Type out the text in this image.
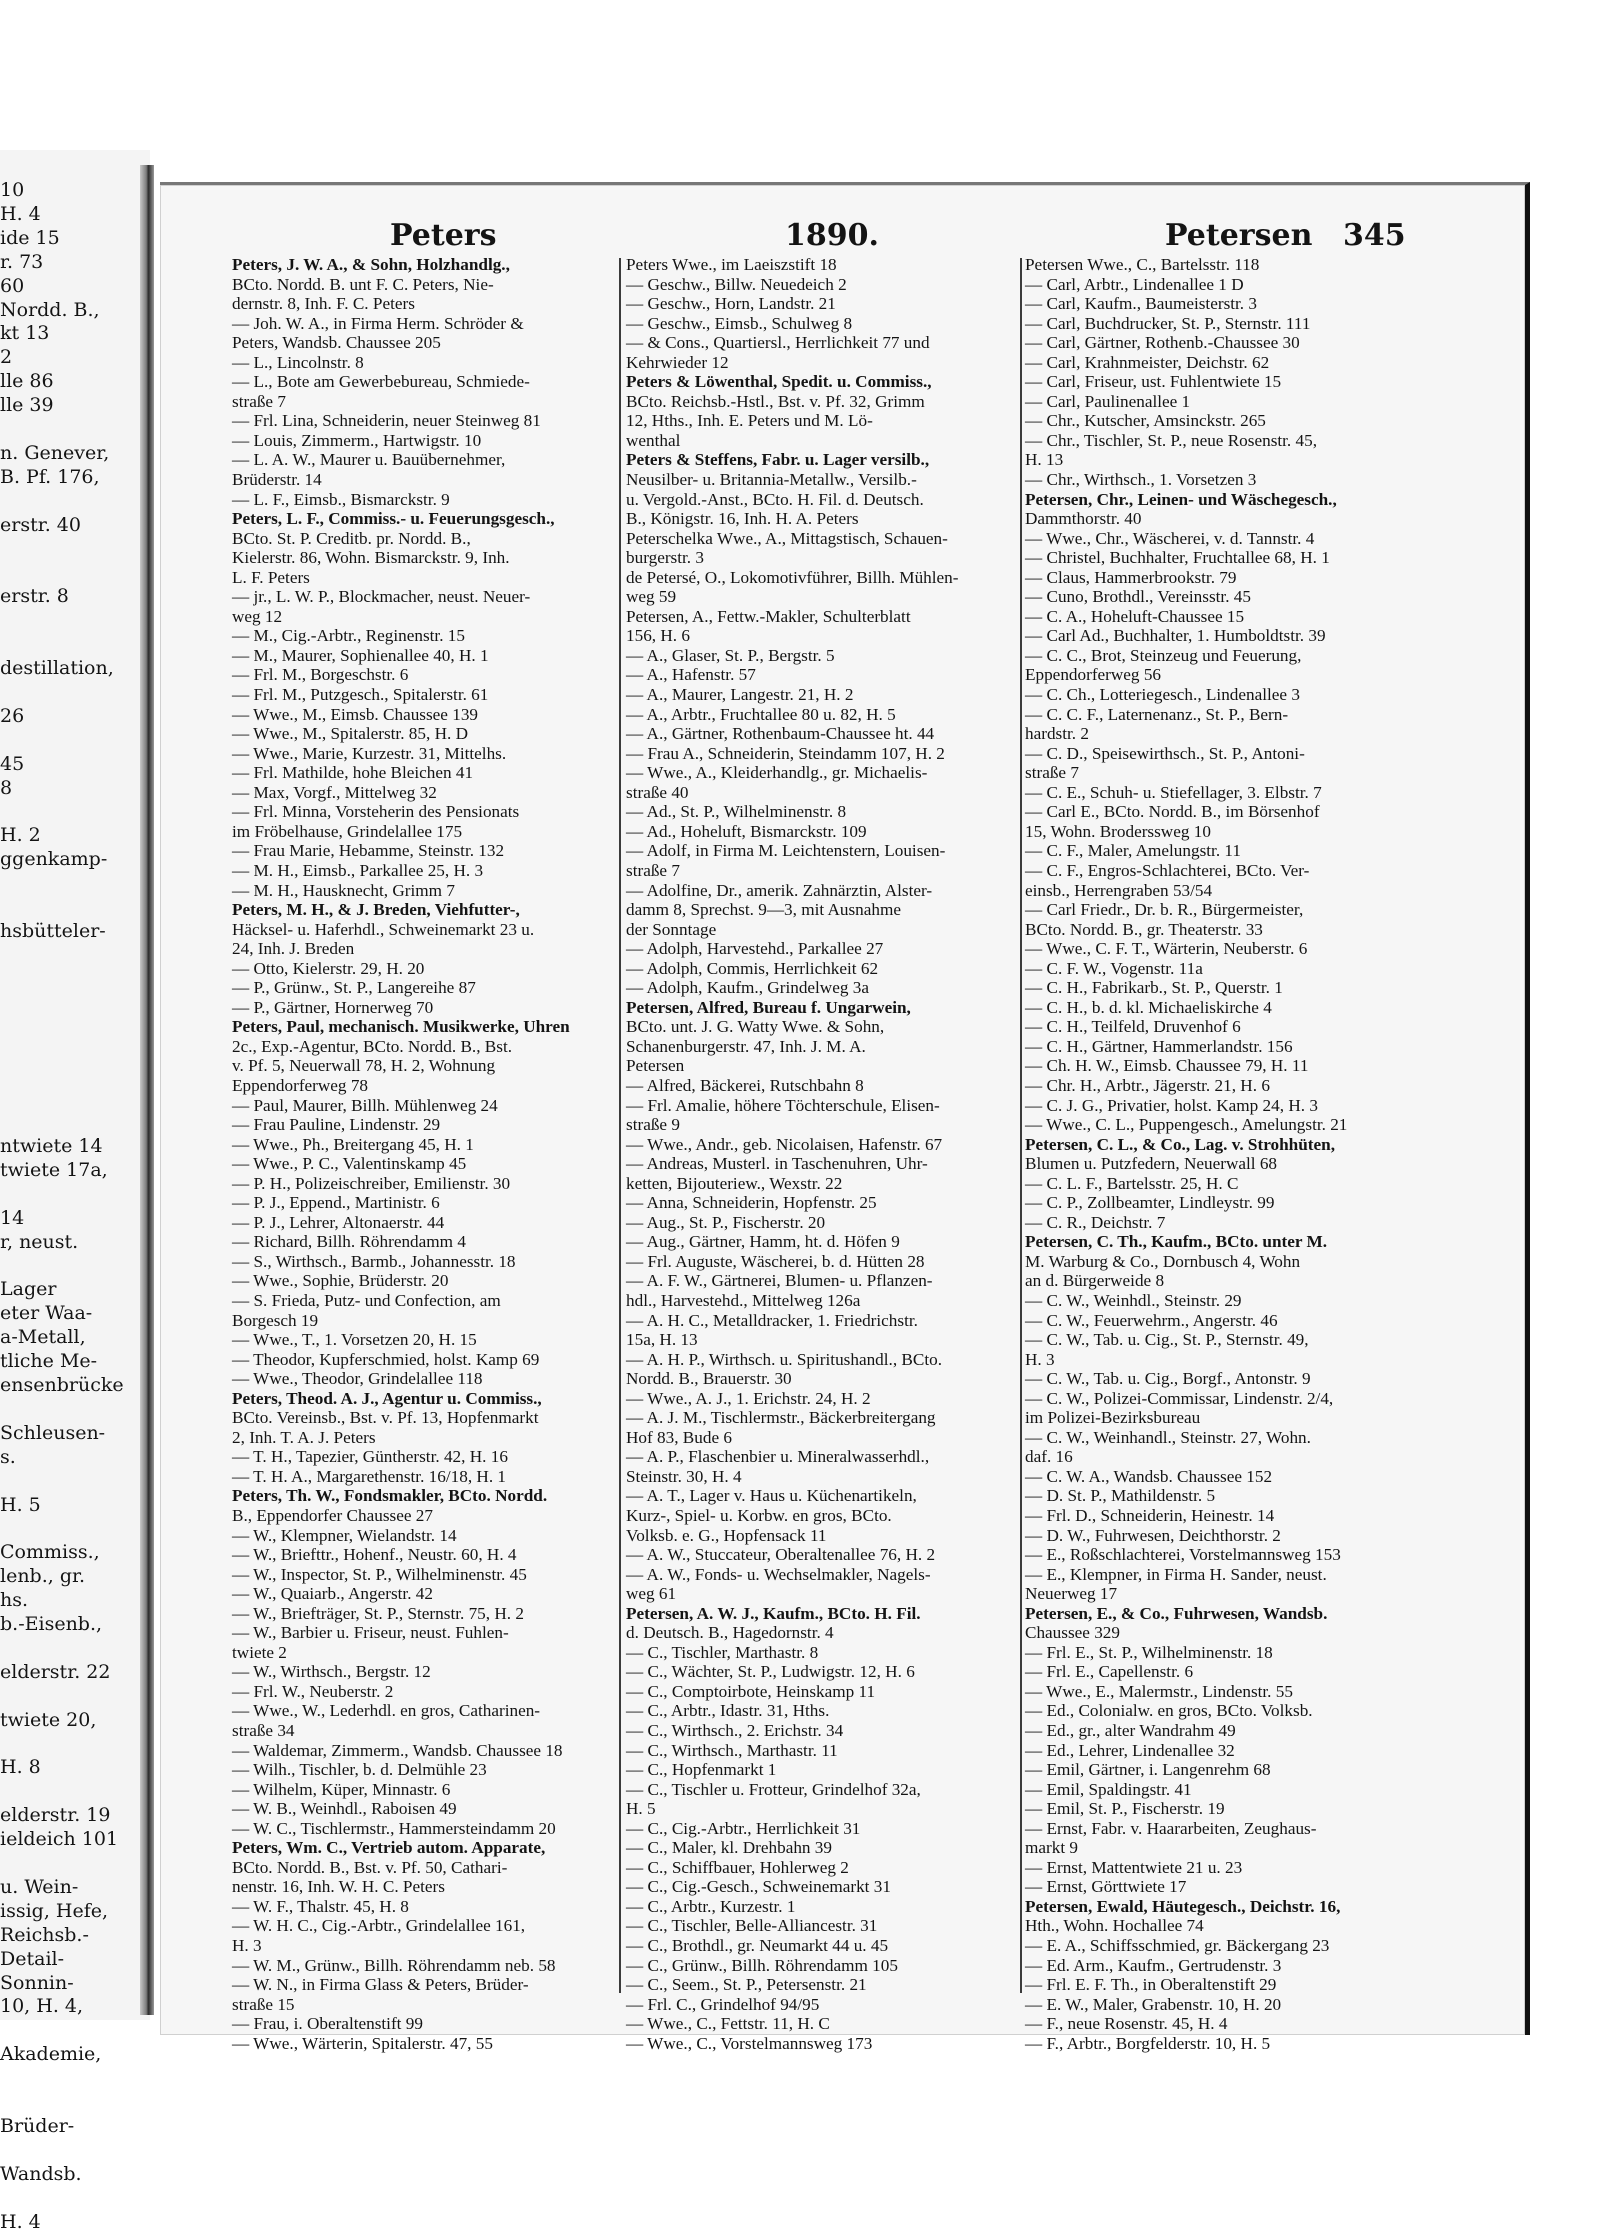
10
H. 4
ide 15
r. 73
60
Nordd. B.,
kt 13
2
lle 86
lle 39
n. Genever,
B. Pf. 176,
erstr. 40
erstr. 8
destillation,
26
45
8
H. 2
ggenkamp-
hsbütteler-
ntwiete 14
twiete 17a,
14
r, neust.
Lager
eter Waa-
a-Metall,
tliche Me-
ensenbrücke
Schleusen-
s.
H. 5
Commiss.,
lenb., gr.
hs.
b.-Eisenb.,
elderstr. 22
twiete 20,
H. 8
elderstr. 19
ieldeich 101
u. Wein-
issig, Hefe,
Reichsb.-
Detail-
Sonnin-
10, H. 4,
Akademie,
Brüder-
Wandsb.
H. 4
Peters	1890.	Petersen 345
Peters, J. W. A., & Sohn, Holzhandlg.,
BCto. Nordd. B. unt F. C. Peters, Nie-
dernstr. 8, Inh. F. C. Peters
— Joh. W. A., in Firma Herm. Schröder &
Peters, Wandsb. Chaussee 205
— L., Lincolnstr. 8
— L., Bote am Gewerbebureau, Schmiede-
straße 7
— Frl. Lina, Schneiderin, neuer Steinweg 81
— Louis, Zimmerm., Hartwigstr. 10
— L. A. W., Maurer u. Bauübernehmer,
Brüderstr. 14
— L. F., Eimsb., Bismarckstr. 9
Peters, L. F., Commiss.- u. Feuerungsgesch.,
BCto. St. P. Creditb. pr. Nordd. B.,
Kielerstr. 86, Wohn. Bismarckstr. 9, Inh.
L. F. Peters
— jr., L. W. P., Blockmacher, neust. Neuer-
weg 12
— M., Cig.-Arbtr., Reginenstr. 15
— M., Maurer, Sophienallee 40, H. 1
— Frl. M., Borgeschstr. 6
— Frl. M., Putzgesch., Spitalerstr. 61
— Wwe., M., Eimsb. Chaussee 139
— Wwe., M., Spitalerstr. 85, H. D
— Wwe., Marie, Kurzestr. 31, Mittelhs.
— Frl. Mathilde, hohe Bleichen 41
— Max, Vorgf., Mittelweg 32
— Frl. Minna, Vorsteherin des Pensionats
im Fröbelhause, Grindelallee 175
— Frau Marie, Hebamme, Steinstr. 132
— M. H., Eimsb., Parkallee 25, H. 3
— M. H., Hausknecht, Grimm 7
Peters, M. H., & J. Breden, Viehfutter-,
Häcksel- u. Haferhdl., Schweinemarkt 23 u.
24, Inh. J. Breden
— Otto, Kielerstr. 29, H. 20
— P., Grünw., St. P., Langereihe 87
— P., Gärtner, Hornerweg 70
Peters, Paul, mechanisch. Musikwerke, Uhren
2c., Exp.-Agentur, BCto. Nordd. B., Bst.
v. Pf. 5, Neuerwall 78, H. 2, Wohnung
Eppendorferweg 78
— Paul, Maurer, Billh. Mühlenweg 24
— Frau Pauline, Lindenstr. 29
— Wwe., Ph., Breitergang 45, H. 1
— Wwe., P. C., Valentinskamp 45
— P. H., Polizeischreiber, Emilienstr. 30
— P. J., Eppend., Martinistr. 6
— P. J., Lehrer, Altonaerstr. 44
— Richard, Billh. Röhrendamm 4
— S., Wirthsch., Barmb., Johannesstr. 18
— Wwe., Sophie, Brüderstr. 20
— S. Frieda, Putz- und Confection, am
Borgesch 19
— Wwe., T., 1. Vorsetzen 20, H. 15
— Theodor, Kupferschmied, holst. Kamp 69
— Wwe., Theodor, Grindelallee 118
Peters, Theod. A. J., Agentur u. Commiss.,
BCto. Vereinsb., Bst. v. Pf. 13, Hopfenmarkt
2, Inh. T. A. J. Peters
— T. H., Tapezier, Güntherstr. 42, H. 16
— T. H. A., Margarethenstr. 16/18, H. 1
Peters, Th. W., Fondsmakler, BCto. Nordd.
B., Eppendorfer Chaussee 27
— W., Klempner, Wielandstr. 14
— W., Briefttr., Hohenf., Neustr. 60, H. 4
— W., Inspector, St. P., Wilhelminenstr. 45
— W., Quaiarb., Angerstr. 42
— W., Briefträger, St. P., Sternstr. 75, H. 2
— W., Barbier u. Friseur, neust. Fuhlen-
twiete 2
— W., Wirthsch., Bergstr. 12
— Frl. W., Neuberstr. 2
— Wwe., W., Lederhdl. en gros, Catharinen-
straße 34
— Waldemar, Zimmerm., Wandsb. Chaussee 18
— Wilh., Tischler, b. d. Delmühle 23
— Wilhelm, Küper, Minnastr. 6
— W. B., Weinhdl., Raboisen 49
— W. C., Tischlermstr., Hammersteindamm 20
Peters, Wm. C., Vertrieb autom. Apparate,
BCto. Nordd. B., Bst. v. Pf. 50, Cathari-
nenstr. 16, Inh. W. H. C. Peters
— W. F., Thalstr. 45, H. 8
— W. H. C., Cig.-Arbtr., Grindelallee 161,
H. 3
— W. M., Grünw., Billh. Röhrendamm neb. 58
— W. N., in Firma Glass & Peters, Brüder-
straße 15
— Frau, i. Oberaltenstift 99
— Wwe., Wärterin, Spitalerstr. 47, 55
Peters Wwe., im Laeiszstift 18
— Geschw., Billw. Neuedeich 2
— Geschw., Horn, Landstr. 21
— Geschw., Eimsb., Schulweg 8
— & Cons., Quartiersl., Herrlichkeit 77 und
Kehrwieder 12
Peters & Löwenthal, Spedit. u. Commiss.,
BCto. Reichsb.-Hstl., Bst. v. Pf. 32, Grimm
12, Hths., Inh. E. Peters und M. Lö-
wenthal
Peters & Steffens, Fabr. u. Lager versilb.,
Neusilber- u. Britannia-Metallw., Versilb.-
u. Vergold.-Anst., BCto. H. Fil. d. Deutsch.
B., Königstr. 16, Inh. H. A. Peters
Peterschelka Wwe., A., Mittagstisch, Schauen-
burgerstr. 3
de Petersé, O., Lokomotivführer, Billh. Mühlen-
weg 59
Petersen, A., Fettw.-Makler, Schulterblatt
156, H. 6
— A., Glaser, St. P., Bergstr. 5
— A., Hafenstr. 57
— A., Maurer, Langestr. 21, H. 2
— A., Arbtr., Fruchtallee 80 u. 82, H. 5
— A., Gärtner, Rothenbaum-Chaussee ht. 44
— Frau A., Schneiderin, Steindamm 107, H. 2
— Wwe., A., Kleiderhandlg., gr. Michaelis-
straße 40
— Ad., St. P., Wilhelminenstr. 8
— Ad., Hoheluft, Bismarckstr. 109
— Adolf, in Firma M. Leichtenstern, Louisen-
straße 7
— Adolfine, Dr., amerik. Zahnärztin, Alster-
damm 8, Sprechst. 9—3, mit Ausnahme
der Sonntage
— Adolph, Harvestehd., Parkallee 27
— Adolph, Commis, Herrlichkeit 62
— Adolph, Kaufm., Grindelweg 3a
Petersen, Alfred, Bureau f. Ungarwein,
BCto. unt. J. G. Watty Wwe. & Sohn,
Schanenburgerstr. 47, Inh. J. M. A.
Petersen
— Alfred, Bäckerei, Rutschbahn 8
— Frl. Amalie, höhere Töchterschule, Elisen-
straße 9
— Wwe., Andr., geb. Nicolaisen, Hafenstr. 67
— Andreas, Musterl. in Taschenuhren, Uhr-
ketten, Bijouteriew., Wexstr. 22
— Anna, Schneiderin, Hopfenstr. 25
— Aug., St. P., Fischerstr. 20
— Aug., Gärtner, Hamm, ht. d. Höfen 9
— Frl. Auguste, Wäscherei, b. d. Hütten 28
— A. F. W., Gärtnerei, Blumen- u. Pflanzen-
hdl., Harvestehd., Mittelweg 126a
— A. H. C., Metalldracker, 1. Friedrichstr.
15a, H. 13
— A. H. P., Wirthsch. u. Spiritushandl., BCto.
Nordd. B., Brauerstr. 30
— Wwe., A. J., 1. Erichstr. 24, H. 2
— A. J. M., Tischlermstr., Bäckerbreitergang
Hof 83, Bude 6
— A. P., Flaschenbier u. Mineralwasserhdl.,
Steinstr. 30, H. 4
— A. T., Lager v. Haus u. Küchenartikeln,
Kurz-, Spiel- u. Korbw. en gros, BCto.
Volksb. e. G., Hopfensack 11
— A. W., Stuccateur, Oberaltenallee 76, H. 2
— A. W., Fonds- u. Wechselmakler, Nagels-
weg 61
Petersen, A. W. J., Kaufm., BCto. H. Fil.
d. Deutsch. B., Hagedornstr. 4
— C., Tischler, Marthastr. 8
— C., Wächter, St. P., Ludwigstr. 12, H. 6
— C., Comptoirbote, Heinskamp 11
— C., Arbtr., Idastr. 31, Hths.
— C., Wirthsch., 2. Erichstr. 34
— C., Wirthsch., Marthastr. 11
— C., Hopfenmarkt 1
— C., Tischler u. Frotteur, Grindelhof 32a,
H. 5
— C., Cig.-Arbtr., Herrlichkeit 31
— C., Maler, kl. Drehbahn 39
— C., Schiffbauer, Hohlerweg 2
— C., Cig.-Gesch., Schweinemarkt 31
— C., Arbtr., Kurzestr. 1
— C., Tischler, Belle-Alliancestr. 31
— C., Brothdl., gr. Neumarkt 44 u. 45
— C., Grünw., Billh. Röhrendamm 105
— C., Seem., St. P., Petersenstr. 21
— Frl. C., Grindelhof 94/95
— Wwe., C., Fettstr. 11, H. C
— Wwe., C., Vorstelmannsweg 173
Petersen Wwe., C., Bartelsstr. 118
— Carl, Arbtr., Lindenallee 1 D
— Carl, Kaufm., Baumeisterstr. 3
— Carl, Buchdrucker, St. P., Sternstr. 111
— Carl, Gärtner, Rothenb.-Chaussee 30
— Carl, Krahnmeister, Deichstr. 62
— Carl, Friseur, ust. Fuhlentwiete 15
— Carl, Paulinenallee 1
— Chr., Kutscher, Amsinckstr. 265
— Chr., Tischler, St. P., neue Rosenstr. 45,
H. 13
— Chr., Wirthsch., 1. Vorsetzen 3
Petersen, Chr., Leinen- und Wäschegesch.,
Dammthorstr. 40
— Wwe., Chr., Wäscherei, v. d. Tannstr. 4
— Christel, Buchhalter, Fruchtallee 68, H. 1
— Claus, Hammerbrookstr. 79
— Cuno, Brothdl., Vereinsstr. 45
— C. A., Hoheluft-Chaussee 15
— Carl Ad., Buchhalter, 1. Humboldtstr. 39
— C. C., Brot, Steinzeug und Feuerung,
Eppendorferweg 56
— C. Ch., Lotteriegesch., Lindenallee 3
— C. C. F., Laternenanz., St. P., Bern-
hardstr. 2
— C. D., Speisewirthsch., St. P., Antoni-
straße 7
— C. E., Schuh- u. Stiefellager, 3. Elbstr. 7
— Carl E., BCto. Nordd. B., im Börsenhof
15, Wohn. Broderssweg 10
— C. F., Maler, Amelungstr. 11
— C. F., Engros-Schlachterei, BCto. Ver-
einsb., Herrengraben 53/54
— Carl Friedr., Dr. b. R., Bürgermeister,
BCto. Nordd. B., gr. Theaterstr. 33
— Wwe., C. F. T., Wärterin, Neuberstr. 6
— C. F. W., Vogenstr. 11a
— C. H., Fabrikarb., St. P., Querstr. 1
— C. H., b. d. kl. Michaeliskirche 4
— C. H., Teilfeld, Druvenhof 6
— C. H., Gärtner, Hammerlandstr. 156
— Ch. H. W., Eimsb. Chaussee 79, H. 11
— Chr. H., Arbtr., Jägerstr. 21, H. 6
— C. J. G., Privatier, holst. Kamp 24, H. 3
— Wwe., C. L., Puppengesch., Amelungstr. 21
Petersen, C. L., & Co., Lag. v. Strohhüten,
Blumen u. Putzfedern, Neuerwall 68
— C. L. F., Bartelsstr. 25, H. C
— C. P., Zollbeamter, Lindleystr. 99
— C. R., Deichstr. 7
Petersen, C. Th., Kaufm., BCto. unter M.
M. Warburg & Co., Dornbusch 4, Wohn
an d. Bürgerweide 8
— C. W., Weinhdl., Steinstr. 29
— C. W., Feuerwehrm., Angerstr. 46
— C. W., Tab. u. Cig., St. P., Sternstr. 49,
H. 3
— C. W., Tab. u. Cig., Borgf., Antonstr. 9
— C. W., Polizei-Commissar, Lindenstr. 2/4,
im Polizei-Bezirksbureau
— C. W., Weinhandl., Steinstr. 27, Wohn.
daf. 16
— C. W. A., Wandsb. Chaussee 152
— D. St. P., Mathildenstr. 5
— Frl. D., Schneiderin, Heinestr. 14
— D. W., Fuhrwesen, Deichthorstr. 2
— E., Roßschlachterei, Vorstelmannsweg 153
— E., Klempner, in Firma H. Sander, neust.
Neuerweg 17
Petersen, E., & Co., Fuhrwesen, Wandsb.
Chaussee 329
— Frl. E., St. P., Wilhelminenstr. 18
— Frl. E., Capellenstr. 6
— Wwe., E., Malermstr., Lindenstr. 55
— Ed., Colonialw. en gros, BCto. Volksb.
— Ed., gr., alter Wandrahm 49
— Ed., Lehrer, Lindenallee 32
— Emil, Gärtner, i. Langenrehm 68
— Emil, Spaldingstr. 41
— Emil, St. P., Fischerstr. 19
— Ernst, Fabr. v. Haararbeiten, Zeughaus-
markt 9
— Ernst, Mattentwiete 21 u. 23
— Ernst, Görttwiete 17
Petersen, Ewald, Häutegesch., Deichstr. 16,
Hth., Wohn. Hochallee 74
— E. A., Schiffsschmied, gr. Bäckergang 23
— Ed. Arm., Kaufm., Gertrudenstr. 3
— Frl. E. F. Th., in Oberaltenstift 29
— E. W., Maler, Grabenstr. 10, H. 20
— F., neue Rosenstr. 45, H. 4
— F., Arbtr., Borgfelderstr. 10, H. 5
